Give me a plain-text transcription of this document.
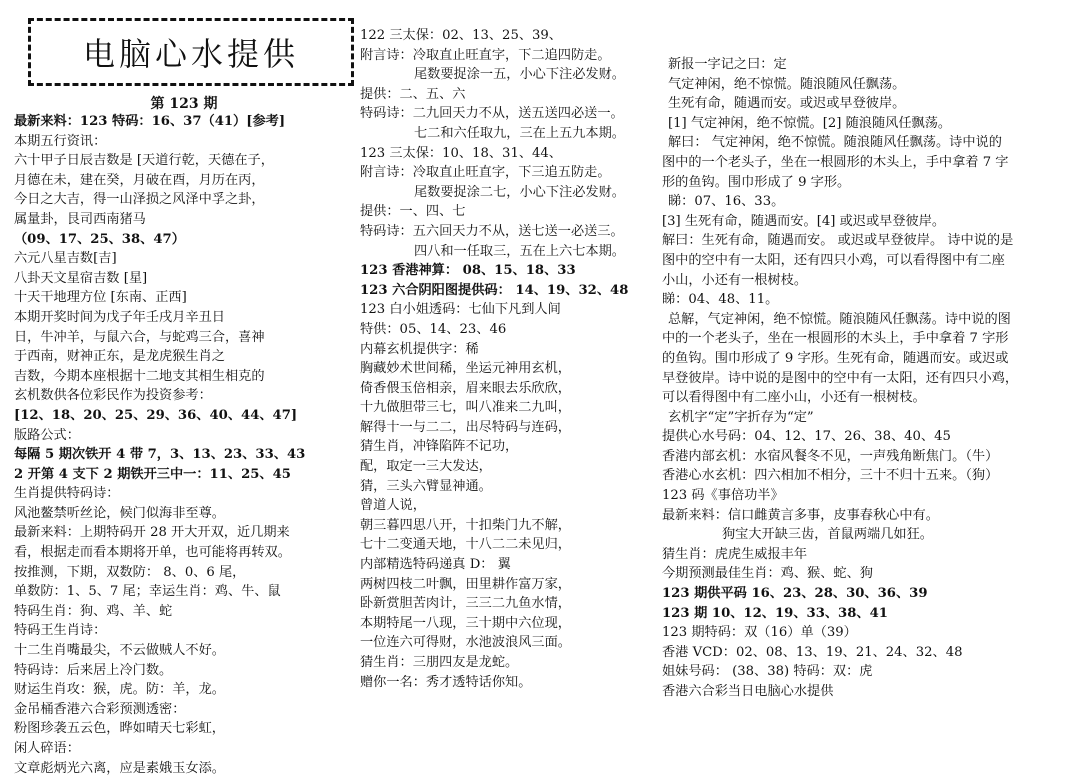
电脑心水提供
第 123 期
最新来料：123 特码：16、37（41）[参考]
本期五行资讯：
六十甲子日辰吉数是 [天道行乾，天德在子，
月德在未，建在癸，月破在酉，月历在丙，
今日之大吉，得一山泽损之风泽中孚之卦，
属量卦，艮司西南猪马
（09、17、25、38、47）
六元八星吉数[吉]
八卦天文星宿吉数 [星]
十天干地理方位 [东南、正西]
本期开奖时间为戊子年壬戌月辛丑日
日，牛冲羊，与鼠六合，与蛇鸡三合，喜神
于西南，财神正东，是龙虎猴生肖之
吉数，今期本座根据十二地支其相生相克的
玄机数供各位彩民作为投资参考：
[12、18、20、25、29、36、40、44、47]
版路公式：
每隔 5 期次铁开 4 带 7，3、13、23、33、43
2 开第 4 支下 2 期铁开三中一：11、25、45
生肖提供特码诗：
风池鳌禁听丝论，候门似海非至尊。
最新来料：上期特码开 28 开大开双，近几期来
看，根据走而看本期将开单，也可能将再转双。
按推测，下期，双数防： 8、0、6 尾，
单数防：1、5、7 尾；幸运生肖：鸡、牛、鼠
特码生肖：狗、鸡、羊、蛇
特码王生肖诗：
十二生肖嘴最尖，不云做贼人不好。
特码诗：后来居上冷门数。
财运生肖攻：猴，虎。防：羊，龙。
金吊桶香港六合彩预测透密：
粉图珍袭五云色，晔如晴天七彩虹，
闲人碎语：
文章彪炳光六离，应是素娥玉女添。
122 三太保：02、13、25、39、
附言诗：冷取直止旺直字，下二追四防走。
尾数要捉涂一五，小心下注必发财。
提供：二、五、六
特码诗：二九回天力不从，送五送四必送一。
七二和六任取九，三在上五九本期。
123 三太保：10、18、31、44、
附言诗：冷取直止旺直字，下三追五防走。
尾数要捉涂二七，小心下注必发财。
提供：一、四、七
特码诗：五六回天力不从，送七送一必送三。
四八和一任取三，五在上六七本期。
123 香港神算： 08、15、18、33
123 六合阴阳图提供码： 14、19、32、48
123 白小姐透码：七仙下凡到人间
特供：05、14、23、46
内幕玄机提供字：稀
胸藏妙术世间稀，坐运元神用玄机，
倚香偎玉倍相亲，眉来眼去乐欣欣，
十九做胆带三七，叫八准来二九叫，
解得十一与二二，出尽特码与连码，
猜生肖，冲锋陷阵不记功，
配，取定一三大发达，
猜，三头六臂显神通。
曾道人说，
朝三暮四思八开，十扣柴门九不解，
七十二变通天地，十八二二未见归，
内部精选特码递真 D： 翼
两树四枝二叶飘，田里耕作富万家，
卧新赏胆苦肉计，三三二九鱼水情，
本期特尾一八现，三十期中六位现，
一位连六可得财，水池波浪风三面。
猜生肖：三朋四友是龙蛇。
赠你一名：秀才透特话你知。
新报一字记之曰：定
气定神闲，绝不惊慌。随浪随风任飘荡。
生死有命，随遇而安。或迟或早登彼岸。
[1] 气定神闲，绝不惊慌。[2] 随浪随风任飘荡。
解曰： 气定神闲，绝不惊慌。随浪随风任飘荡。诗中说的
图中的一个老头子，坐在一根圆形的木头上，手中拿着 7 字
形的鱼钩。围巾形成了 9 字形。
睇：07、16、33。
[3] 生死有命，随遇而安。[4] 或迟或早登彼岸。
解曰：生死有命，随遇而安。 或迟或早登彼岸。 诗中说的是
图中的空中有一太阳，还有四只小鸡，可以看得图中有二座
小山，小还有一根树枝。
睇：04、48、11。
总解，气定神闲，绝不惊慌。随浪随风任飘荡。诗中说的图
中的一个老头子，坐在一根圆形的木头上，手中拿着 7 字形
的鱼钩。围巾形成了 9 字形。生死有命，随遇而安。或迟或
早登彼岸。诗中说的是图中的空中有一太阳，还有四只小鸡，
可以看得图中有二座小山，小还有一根树枝。
玄机字“定”字折存为“定”
提供心水号码：04、12、17、26、38、40、45
香港内部玄机：水宿风餐冬不见，一声残角断焦门。（牛）
香港心水玄机：四六相加不相分，三十不归十五来。（狗）
123 码《事倍功半》
最新来料：信口雌黄言多事，皮事春秋心中有。
狗宝大开缺三齿，首鼠两端几如狂。
猜生肖：虎虎生威报丰年
今期预测最佳生肖：鸡、猴、蛇、狗
123 期供平码 16、23、28、30、36、39
123 期 10、12、19、33、38、41
123 期特码：双（16）单（39）
香港 VCD：02、08、13、19、21、24、32、48
姐妹号码： (38、38) 特码：双：虎
香港六合彩当日电脑心水提供
